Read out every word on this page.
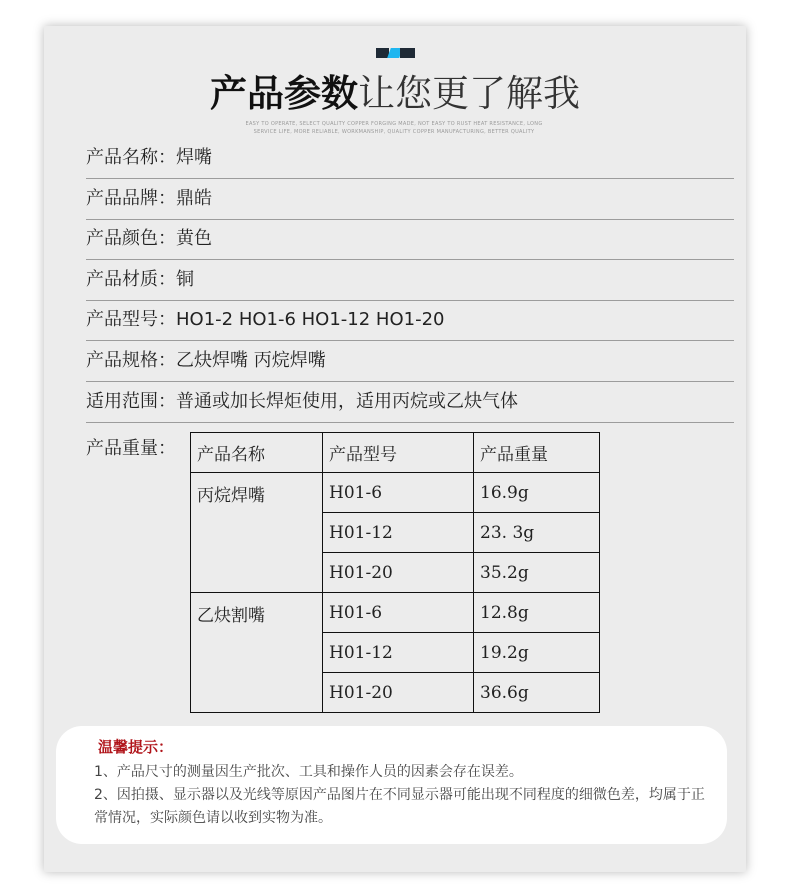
产品参数让您更了解我
EASY TO OPERATE, SELECT QUALITY COPPER FORGING MADE, NOT EASY TO RUST HEAT RESISTANCE, LONG SERVICE LIFE, MORE RELIABLE, WORKMANSHIP, QUALITY COPPER MANUFACTURING, BETTER QUALITY
产品名称：焊嘴
产品品牌：鼎皓
产品颜色：黄色
产品材质：铜
产品型号：HO1-2 HO1-6 HO1-12 HO1-20
产品规格：乙炔焊嘴 丙烷焊嘴
适用范围：普通或加长焊炬使用，适用丙烷或乙炔气体
产品重量： 产品名称	产品型号	产品重量
丙烷焊嘴	H01-6	16.9g
	H01-12	23. 3g
	H01-20	35.2g
乙炔割嘴	H01-6	12.8g
	H01-12	19.2g
	H01-20	36.6g
温馨提示：
1、产品尺寸的测量因生产批次、工具和操作人员的因素会存在误差。
2、因拍摄、显示器以及光线等原因产品图片在不同显示器可能出现不同程度的细微色差，均属于正常情况，实际颜色请以收到实物为准。
